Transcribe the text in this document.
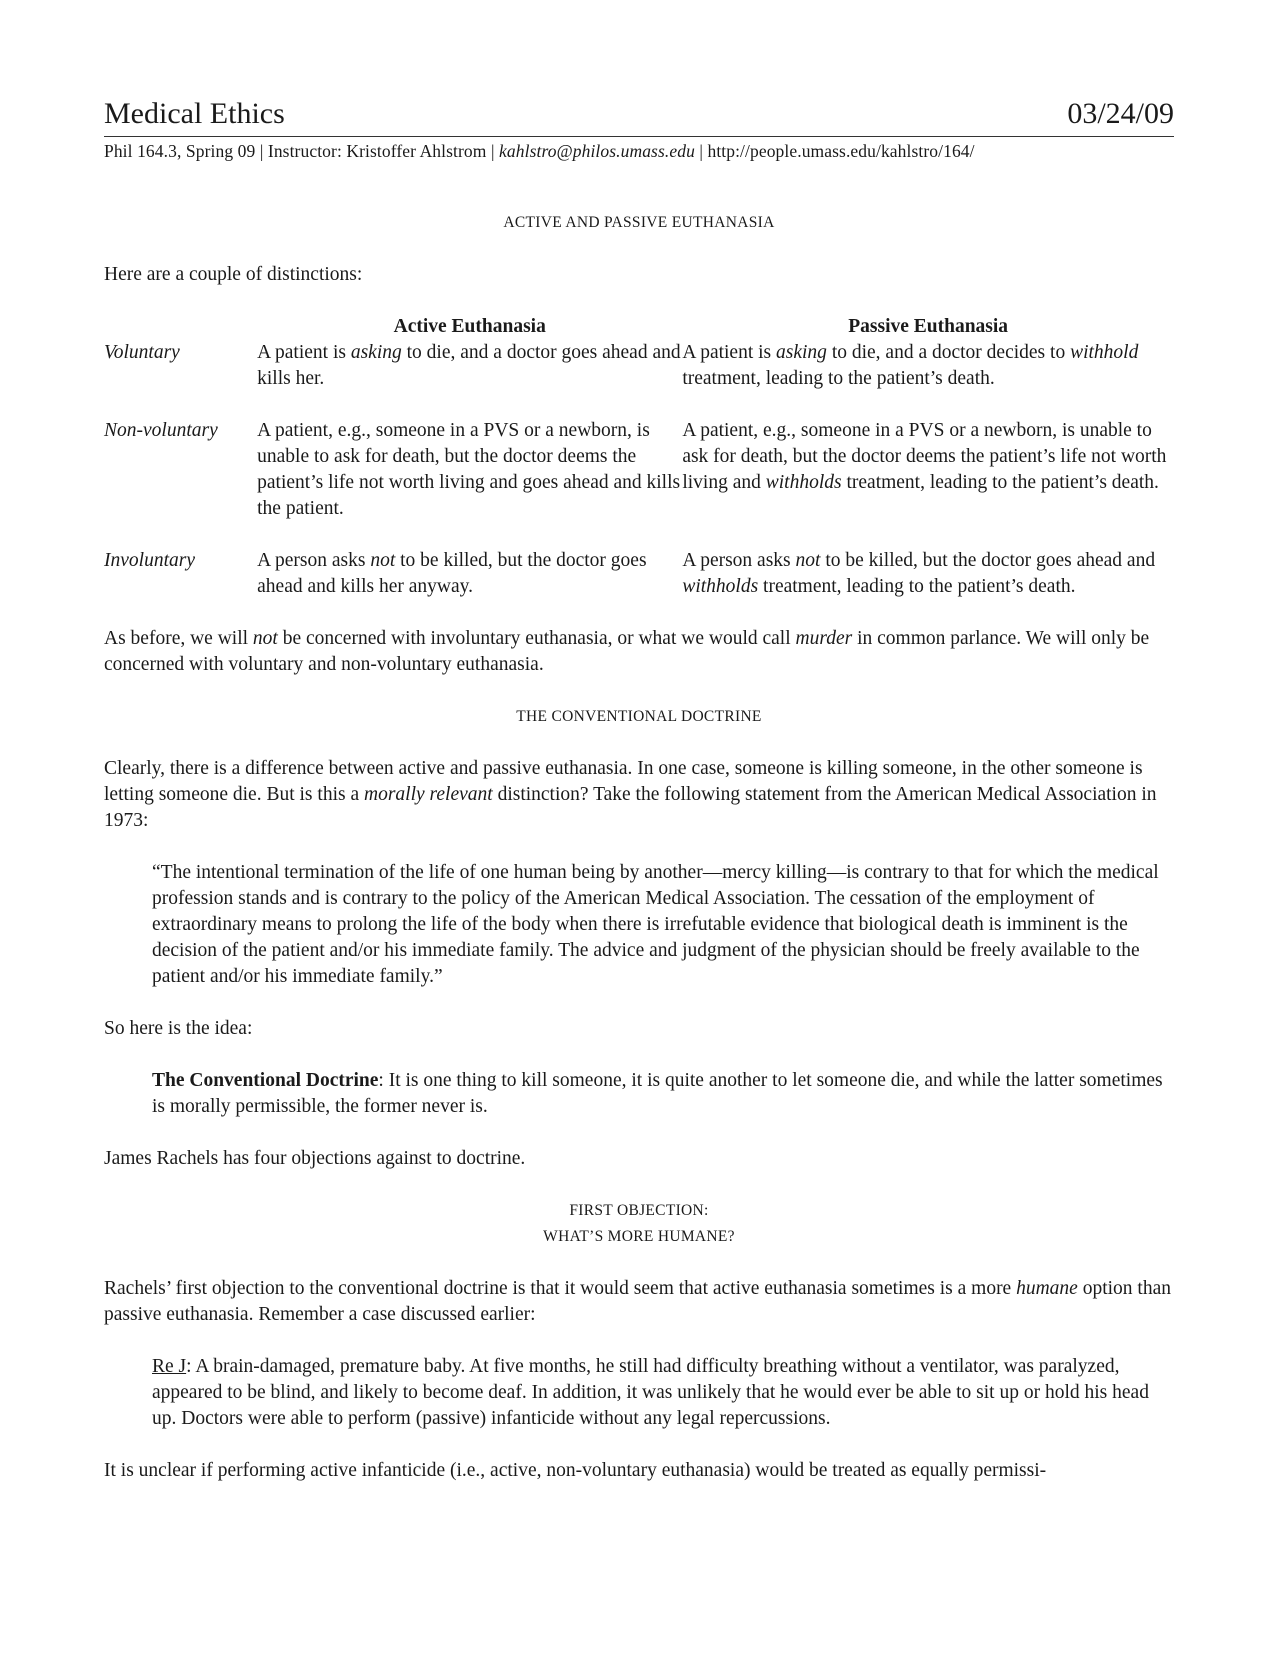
Medical Ethics	03/24/09
Phil 164.3, Spring 09 | Instructor: Kristoffer Ahlstrom | kahlstro@philos.umass.edu | http://people.umass.edu/kahlstro/164/
ACTIVE AND PASSIVE EUTHANASIA

Here are a couple of distinctions:

	Active Euthanasia	Passive Euthanasia
Voluntary	A patient is asking to die, and a doctor goes ahead and kills her.	A patient is asking to die, and a doctor decides to withhold treatment, leading to the patient’s death.

Non-voluntary	A patient, e.g., someone in a PVS or a newborn, is unable to ask for death, but the doctor deems the patient’s life not worth living and goes ahead and kills the patient.	A patient, e.g., someone in a PVS or a newborn, is unable to ask for death, but the doctor deems the patient’s life not worth living and withholds treatment, leading to the patient’s death.

Involuntary	A person asks not to be killed, but the doctor goes ahead and kills her anyway.	A person asks not to be killed, but the doctor goes ahead and withholds treatment, leading to the patient’s death.

As before, we will not be concerned with involuntary euthanasia, or what we would call murder in common parlance. We will only be concerned with voluntary and non-voluntary euthanasia.

THE CONVENTIONAL DOCTRINE

Clearly, there is a difference between active and passive euthanasia. In one case, someone is killing someone, in the other someone is letting someone die. But is this a morally relevant distinction? Take the following statement from the American Medical Association in 1973:

“The intentional termination of the life of one human being by another—mercy killing—is contrary to that for which the medical profession stands and is contrary to the policy of the American Medical Association. The cessation of the employment of extraordinary means to prolong the life of the body when there is irrefutable evidence that biological death is imminent is the decision of the patient and/or his immediate family. The advice and judgment of the physician should be freely available to the patient and/or his immediate family.”

So here is the idea:

The Conventional Doctrine: It is one thing to kill someone, it is quite another to let someone die, and while the latter sometimes is morally permissible, the former never is.

James Rachels has four objections against to doctrine.

FIRST OBJECTION:
WHAT’S MORE HUMANE?

Rachels’ first objection to the conventional doctrine is that it would seem that active euthanasia sometimes is a more humane option than passive euthanasia. Remember a case discussed earlier:

Re J: A brain-damaged, premature baby. At five months, he still had difficulty breathing without a ventilator, was paralyzed, appeared to be blind, and likely to become deaf. In addition, it was unlikely that he would ever be able to sit up or hold his head up. Doctors were able to perform (passive) infanticide without any legal repercussions.

It is unclear if performing active infanticide (i.e., active, non-voluntary euthanasia) would be treated as equally permissi-
